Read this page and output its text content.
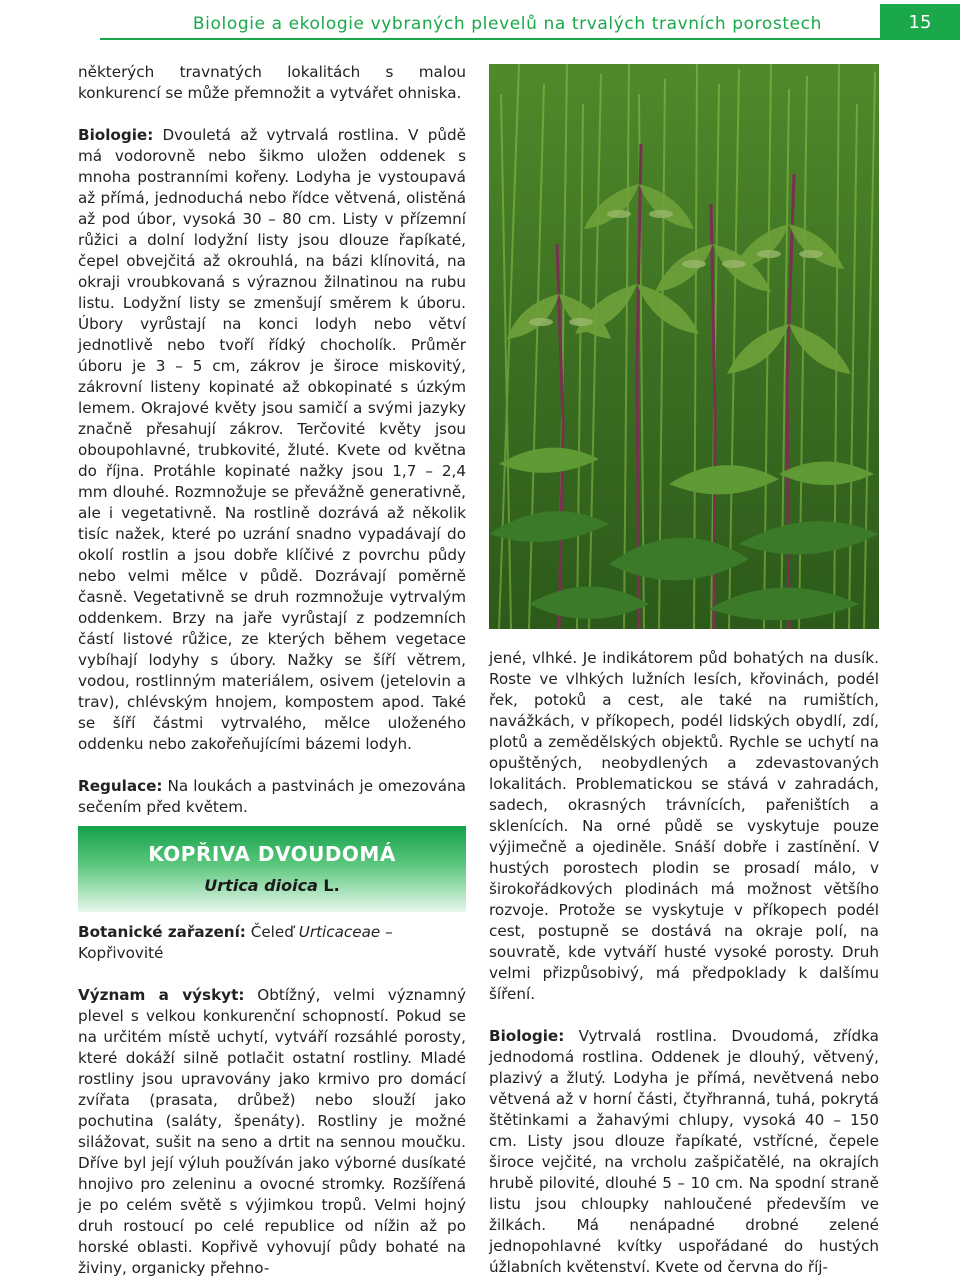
Biologie a ekologie vybraných plevelů na trvalých travních porostech	15

některých travnatých lokalitách s malou konkurencí se může přemnožit a vytvářet ohniska.

Biologie: Dvouletá až vytrvalá rostlina. V půdě má vodorovně nebo šikmo uložen oddenek s mnoha postranními kořeny. Lodyha je vystoupavá až přímá, jednoduchá nebo řídce větvená, olistěná až pod úbor, vysoká 30 – 80 cm. Listy v přízemní růžici a dolní lodyžní listy jsou dlouze řapíkaté, čepel obvejčitá až okrouhlá, na bázi klínovitá, na okraji vroubkovaná s výraznou žilnatinou na rubu listu. Lodyžní listy se zmenšují směrem k úboru. Úbory vyrůstají na konci lodyh nebo větví jednotlivě nebo tvoří řídký chocholík. Průměr úboru je 3 – 5 cm, zákrov je široce miskovitý, zákrovní listeny kopinaté až obkopinaté s úzkým lemem. Okrajové květy jsou samičí a svými jazyky značně přesahují zákrov. Terčovité květy jsou oboupohlavné, trubkovité, žluté. Kvete od května do října. Protáhle kopinaté nažky jsou 1,7 – 2,4 mm dlouhé. Rozmnožuje se převážně generativně, ale i vegetativně. Na rostlině dozrává až několik tisíc nažek, které po uzrání snadno vypadávají do okolí rostlin a jsou dobře klíčivé z povrchu půdy nebo velmi mělce v půdě. Dozrávají poměrně časně. Vegetativně se druh rozmnožuje vytrvalým oddenkem. Brzy na jaře vyrůstají z podzemních částí listové růžice, ze kterých během vegetace vybíhají lodyhy s úbory. Nažky se šíří větrem, vodou, rostlinným materiálem, osivem (jetelovin a trav), chlévským hnojem, kompostem apod. Také se šíří částmi vytrvalého, mělce uloženého oddenku nebo zakořeňujícími bázemi lodyh.

Regulace: Na loukách a pastvinách je omezována sečením před květem.

KOPŘIVA DVOUDOMÁ
Urtica dioica L.

Botanické zařazení: Čeleď Urticaceae – Kopřivovité

Význam a výskyt: Obtížný, velmi významný plevel s velkou konkurenční schopností. Pokud se na určitém místě uchytí, vytváří rozsáhlé porosty, které dokáží silně potlačit ostatní rostliny. Mladé rostliny jsou upravovány jako krmivo pro domácí zvířata (prasata, drůbež) nebo slouží jako pochutina (saláty, špenáty). Rostliny je možné silážovat, sušit na seno a drtit na sennou moučku. Dříve byl její výluh používán jako výborné dusíkaté hnojivo pro zeleninu a ovocné stromky. Rozšířená je po celém světě s výjimkou tropů. Velmi hojný druh rostoucí po celé republice od nížin až po horské oblasti. Kopřivě vyhovují půdy bohaté na živiny, organicky přehno-

jené, vlhké. Je indikátorem půd bohatých na dusík. Roste ve vlhkých lužních lesích, křovinách, podél řek, potoků a cest, ale také na rumištích, navážkách, v příkopech, podél lidských obydlí, zdí, plotů a zemědělských objektů. Rychle se uchytí na opuštěných, neobydlených a zdevastovaných lokalitách. Problematickou se stává v zahradách, sadech, okrasných trávnících, pařeništích a sklenících. Na orné půdě se vyskytuje pouze výjimečně a ojediněle. Snáší dobře i zastínění. V hustých porostech plodin se prosadí málo, v širokořádkových plodinách má možnost většího rozvoje. Protože se vyskytuje v příkopech podél cest, postupně se dostává na okraje polí, na souvratě, kde vytváří husté vysoké porosty. Druh velmi přizpůsobivý, má předpoklady k dalšímu šíření.

Biologie: Vytrvalá rostlina. Dvoudomá, zřídka jednodomá rostlina. Oddenek je dlouhý, větvený, plazivý a žlutý. Lodyha je přímá, nevětvená nebo větvená až v horní části, čtyřhranná, tuhá, pokrytá štětinkami a žahavými chlupy, vysoká 40 – 150 cm. Listy jsou dlouze řapíkaté, vstřícné, čepele široce vejčité, na vrcholu zašpičatělé, na okrajích hrubě pilovité, dlouhé 5 – 10 cm. Na spodní straně listu jsou chloupky nahloučené především ve žilkách. Má nenápadné drobné zelené jednopohlavné kvítky uspořádané do hustých úžlabních květenství. Kvete od června do říj-
